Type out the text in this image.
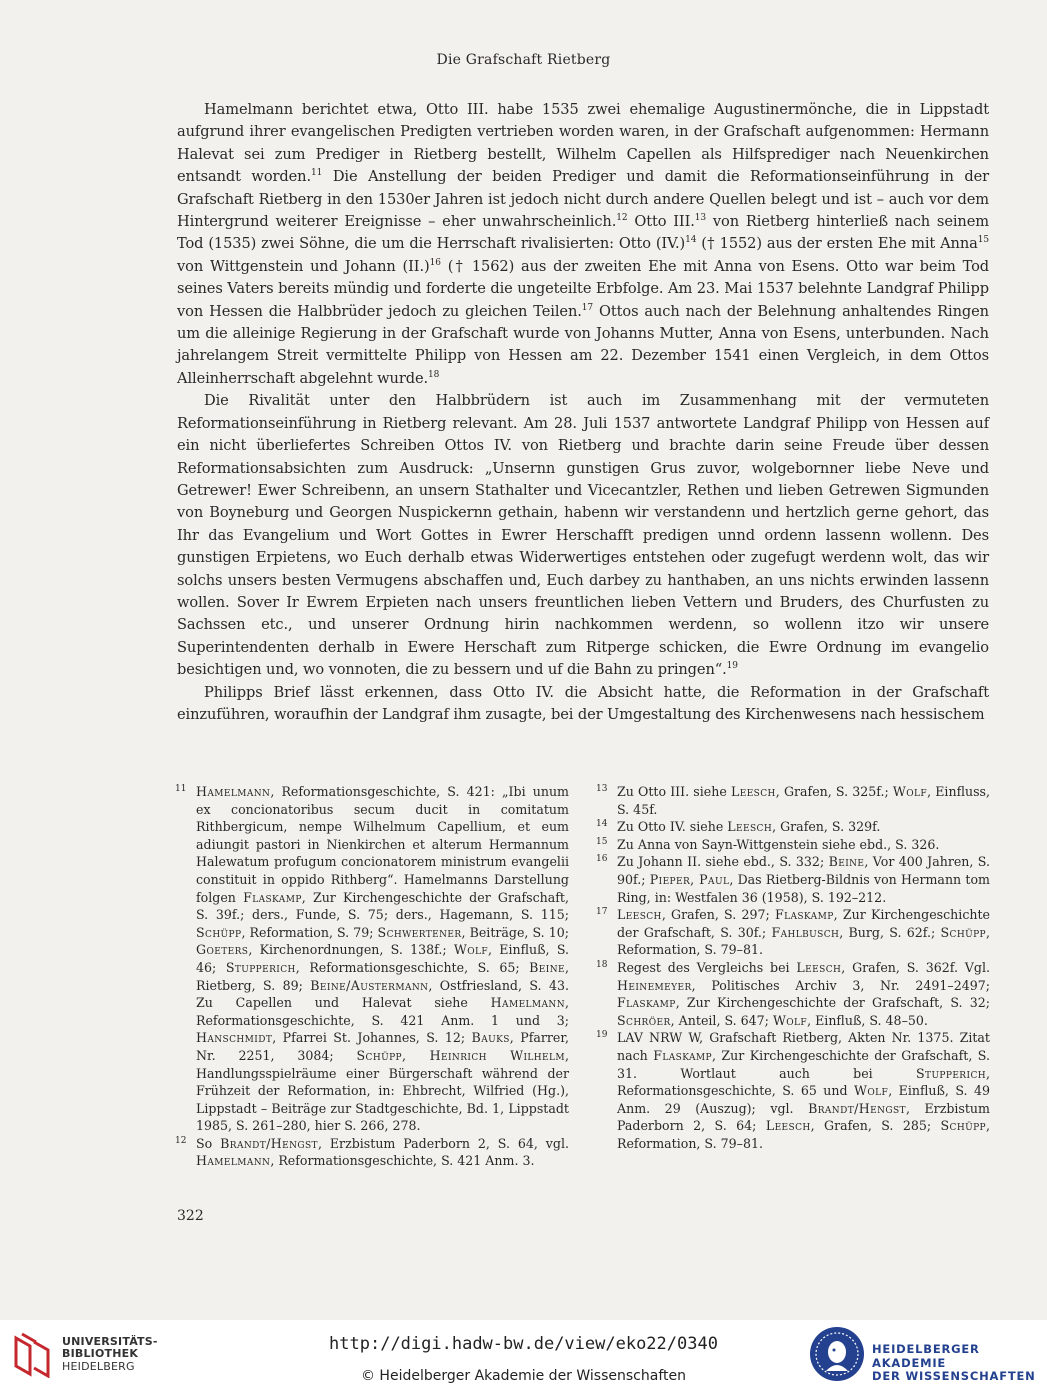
Die Grafschaft Rietberg

Hamelmann berichtet etwa, Otto III. habe 1535 zwei ehemalige Augustinermönche, die in Lippstadt aufgrund ihrer evangelischen Predigten vertrieben worden waren, in der Grafschaft aufgenommen: Hermann Halevat sei zum Prediger in Rietberg bestellt, Wilhelm Capellen als Hilfsprediger nach Neuenkirchen entsandt worden.$^{11}$ Die Anstellung der beiden Prediger und damit die Reformationseinführung in der Grafschaft Rietberg in den 1530er Jahren ist jedoch nicht durch andere Quellen belegt und ist – auch vor dem Hintergrund weiterer Ereignisse – eher unwahrscheinlich.$^{12}$ Otto III.$^{13}$ von Rietberg hinterließ nach seinem Tod (1535) zwei Söhne, die um die Herrschaft rivalisierten: Otto $(IV.)^{14}$ († 1552) aus der ersten Ehe mit Anna$^{15}$ von Wittgenstein und Johann $(II.)^{16}$ († 1562) aus der zweiten Ehe mit Anna von Esens. Otto war beim Tod seines Vaters bereits mündig und forderte die ungeteilte Erbfolge. Am 23. Mai 1537 belehnte Landgraf Philipp von Hessen die Halbbrüder jedoch zu gleichen Teilen.$^{17}$ Ottos auch nach der Belehnung anhaltendes Ringen um die alleinige Regierung in der Grafschaft wurde von Johanns Mutter, Anna von Esens, unterbunden. Nach jahrelangem Streit vermittelte Philipp von Hessen am 22. Dezember 1541 einen Vergleich, in dem Ottos Alleinherrschaft abgelehnt wurde.$^{18}$

Die Rivalität unter den Halbbrüdern ist auch im Zusammenhang mit der vermuteten Reformationseinführung in Rietberg relevant. Am 28. Juli 1537 antwortete Landgraf Philipp von Hessen auf ein nicht überliefertes Schreiben Ottos IV. von Rietberg und brachte darin seine Freude über dessen Reformationsabsichten zum Ausdruck: „Unsernn gunstigen Grus zuvor, wolgebornner liebe Neve und Getrewer! Ewer Schreibenn, an unsern Stathalter und Vicecantzler, Rethen und lieben Getrewen Sigmunden von Boyneburg und Georgen Nuspickernn gethain, habenn wir verstandenn und hertzlich gerne gehort, das Ihr das Evangelium und Wort Gottes in Ewrer Herschafft predigen unnd ordenn lassenn wollenn. Des gunstigen Erpietens, wo Euch derhalb etwas Widerwertiges entstehen oder zugefugt werdenn wolt, das wir solchs unsers besten Vermugens abschaffen und, Euch darbey zu hanthaben, an uns nichts erwinden lassenn wollen. Sover Ir Ewrem Erpieten nach unsers freuntlichen lieben Vettern und Bruders, des Churfusten zu Sachssen etc., und unserer Ordnung hirin nachkommen werdenn, so wollenn itzo wir unsere Superintendenten derhalb in Ewere Herschaft zum Ritperge schicken, die Ewre Ordnung im evangelio besichtigen und, wo vonnoten, die zu bessern und uf die Bahn zu pringen“.$^{19}$

Philipps Brief lässt erkennen, dass Otto IV. die Absicht hatte, die Reformation in der Grafschaft einzuführen, woraufhin der Landgraf ihm zusagte, bei der Umgestaltung des Kirchenwesens nach hessischem

11 Hamelmann, Reformationsgeschichte, S. 421: „Ibi unum ex concionatoribus secum ducit in comitatum Rithbergicum, nempe Wilhelmum Capellium, et eum adiungit pastori in Nienkirchen et alterum Hermannum Halewatum profugum concionatorem ministrum evangelii constituit in oppido Rithberg“. Hamelmanns Darstellung folgen Flaskamp, Zur Kirchengeschichte der Grafschaft, S. 39f.; ders., Funde, S. 75; ders., Hagemann, S. 115; Schüpp, Reformation, S. 79; Schwertener, Beiträge, S. 10; Goeters, Kirchenordnungen, S. 138f.; Wolf, Einfluß, S. 46; Stupperich, Reformationsgeschichte, S. 65; Beine, Rietberg, S. 89; Beine/Austermann, Ostfriesland, S. 43. Zu Capellen und Halevat siehe Hamelmann, Reformationsgeschichte, S. 421 Anm. 1 und 3; Hanschmidt, Pfarrei St. Johannes, S. 12; Bauks, Pfarrer, Nr. 2251, 3084; Schüpp, Heinrich Wilhelm, Handlungsspielräume einer Bürgerschaft während der Frühzeit der Reformation, in: Ehbrecht, Wilfried (Hg.), Lippstadt – Beiträge zur Stadtgeschichte, Bd. 1, Lippstadt 1985, S. 261–280, hier S. 266, 278.
12 So Brandt/Hengst, Erzbistum Paderborn 2, S. 64, vgl. Hamelmann, Reformationsgeschichte, S. 421 Anm. 3.
13 Zu Otto III. siehe Leesch, Grafen, S. 325f.; Wolf, Einfluss, S. 45f.
14 Zu Otto IV. siehe Leesch, Grafen, S. 329f.
15 Zu Anna von Sayn-Wittgenstein siehe ebd., S. 326.
16 Zu Johann II. siehe ebd., S. 332; Beine, Vor 400 Jahren, S. 90f.; Pieper, Paul, Das Rietberg-Bildnis von Hermann tom Ring, in: Westfalen 36 (1958), S. 192–212.
17 Leesch, Grafen, S. 297; Flaskamp, Zur Kirchengeschichte der Grafschaft, S. 30f.; Fahlbusch, Burg, S. 62f.; Schüpp, Reformation, S. 79–81.
18 Regest des Vergleichs bei Leesch, Grafen, S. 362f. Vgl. Heinemeyer, Politisches Archiv 3, Nr. 2491–2497; Flaskamp, Zur Kirchengeschichte der Grafschaft, S. 32; Schröer, Anteil, S. 647; Wolf, Einfluß, S. 48–50.
19 LAV NRW W, Grafschaft Rietberg, Akten Nr. 1375. Zitat nach Flaskamp, Zur Kirchengeschichte der Grafschaft, S. 31. Wortlaut auch bei Stupperich, Reformationsgeschichte, S. 65 und Wolf, Einfluß, S. 49 Anm. 29 (Auszug); vgl. Brandt/Hengst, Erzbistum Paderborn 2, S. 64; Leesch, Grafen, S. 285; Schüpp, Reformation, S. 79–81.
322
UNIVERSITÄTS-
BIBLIOTHEK
HEIDELBERG
http://digi.hadw-bw.de/view/eko22/0340
© Heidelberger Akademie der Wissenschaften
HEIDELBERGER AKADEMIE
DER WISSENSCHAFTEN
